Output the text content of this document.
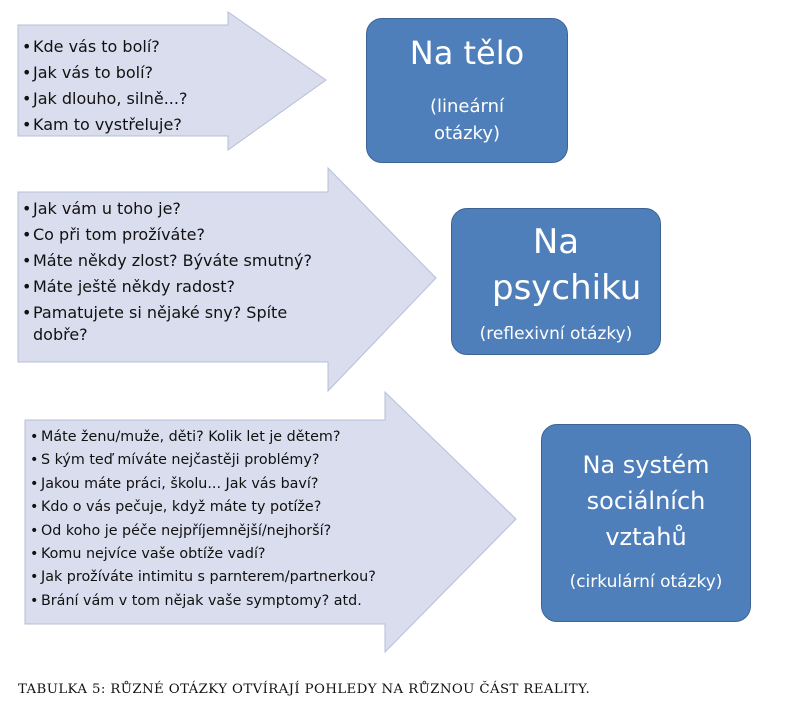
• Kde vás to bolí?
• Jak vás to bolí?
• Jak dlouho, silně...?
• Kam to vystřeluje?
• Jak vám u toho je?
• Co při tom prožíváte?
• Máte někdy zlost? Býváte smutný?
• Máte ještě někdy radost?
• Pamatujete si nějaké sny? Spíte dobře?
• Máte ženu/muže, děti? Kolik let je dětem?
• S kým teď míváte nejčastěji problémy?
• Jakou máte práci, školu... Jak vás baví?
• Kdo o vás pečuje, když máte ty potíže?
• Od koho je péče nejpříjemnější/nejhorší?
• Komu nejvíce vaše obtíže vadí?
• Jak prožíváte intimitu s parnterem/partnerkou?
• Brání vám v tom nějak vaše symptomy? atd.
Na tělo
(lineární otázky)
Na psychiku
(reflexivní otázky)
Na systém sociálních vztahů
(cirkulární otázky)

TABULKA 5: RŮZNÉ OTÁZKY OTVÍRAJÍ POHLEDY NA RŮZNOU ČÁST REALITY.
